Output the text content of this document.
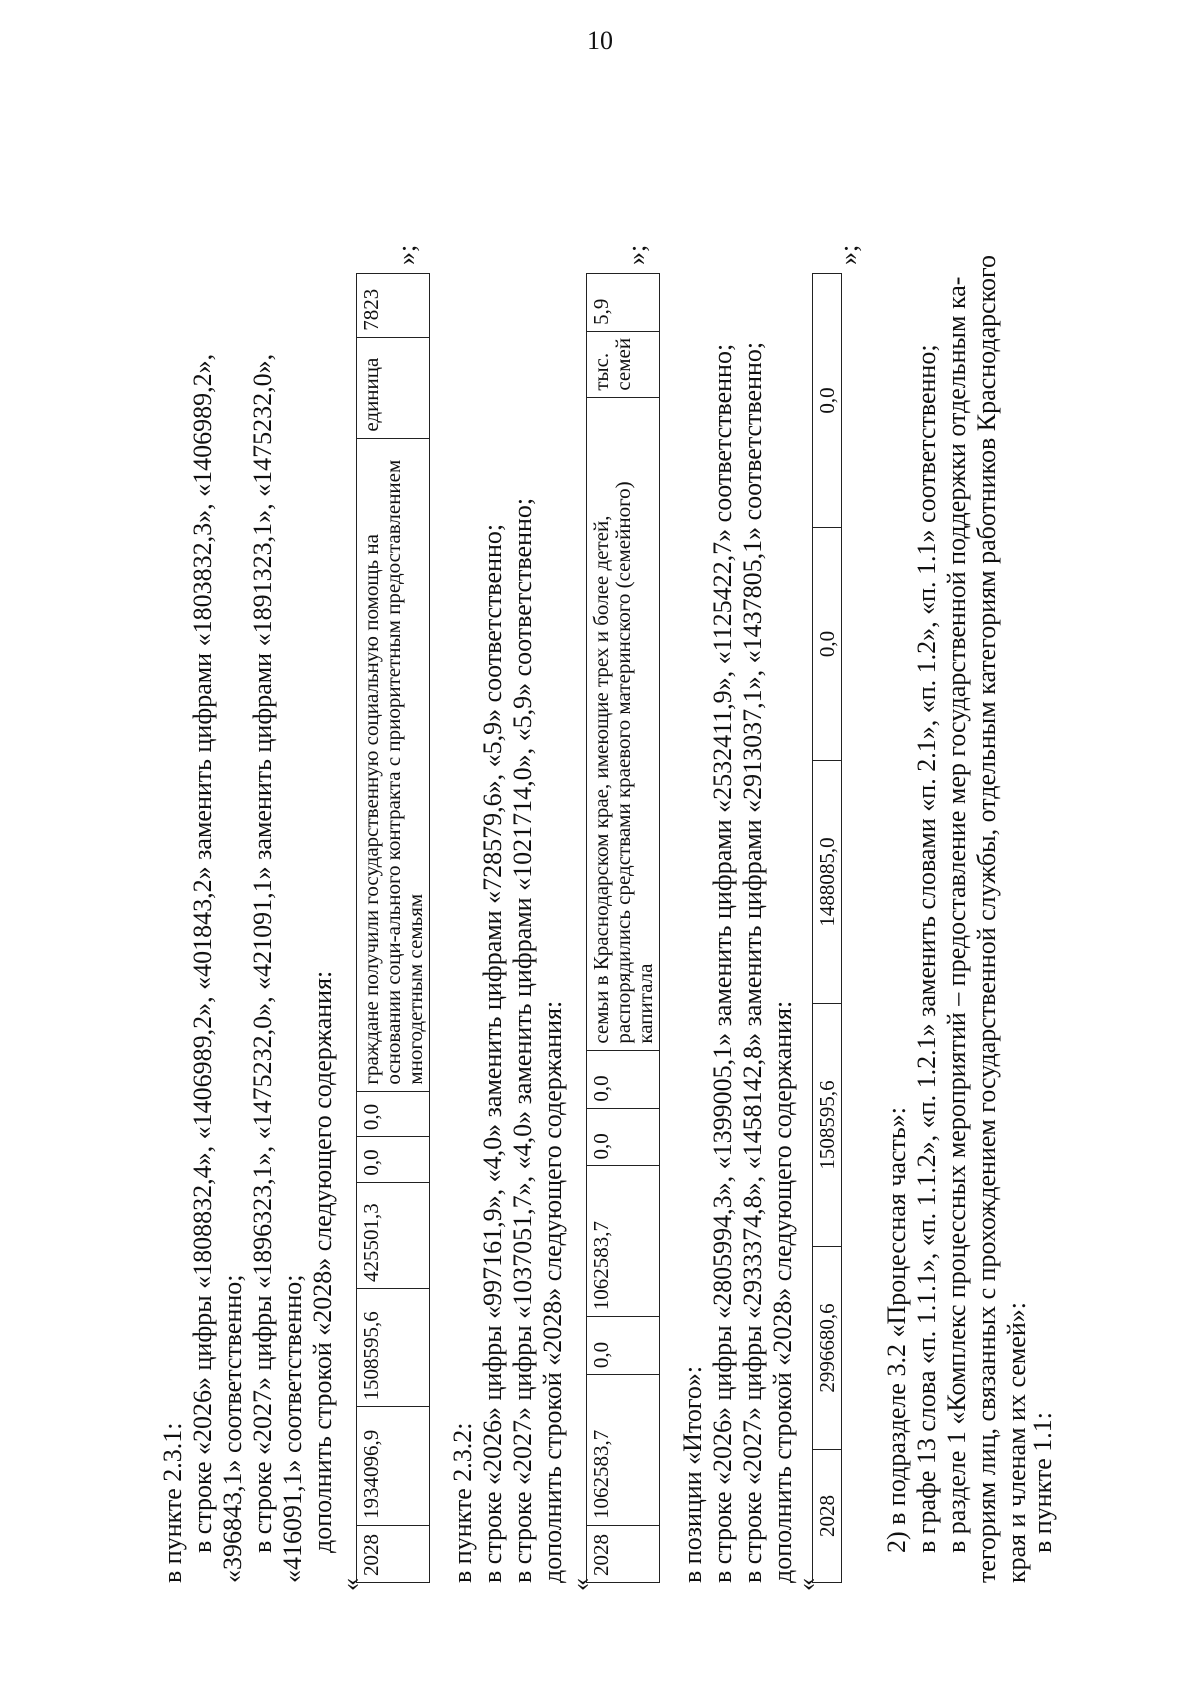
10
в пункте 2.3.1: в строке «2026» цифры «1808832,4», «1406989,2», «401843,2» заменить цифрами «1803832,3», «1406989,2», «396843,1» соответственно; в строке «2027» цифры «1896323,1», «1475232,0», «421091,1» заменить цифрами «1891323,1», «1475232,0», «416091,1» соответственно; дополнить строкой «2028» следующего содержания:
«
2028	1934096,9	1508595,6	425501,3	0,0	0,0	граждане получили государственную социальную помощь на основании соци-ального контракта с приоритетным предоставлением многодетным семьям	единица	7823
»;
в пункте 2.3.2: в строке «2026» цифры «997161,9», «4,0» заменить цифрами «728579,6», «5,9» соответственно; в строке «2027» цифры «1037051,7», «4,0» заменить цифрами «1021714,0», «5,9» соответственно; дополнить строкой «2028» следующего содержания:
«
2028	1062583,7	0,0	1062583,7	0,0	0,0	семьи в Краснодарском крае, имеющие трех и более детей, распорядились средствами краевого материнского (семейного) капитала	тыс. семей	5,9
»;
в позиции «Итого»: в строке «2026» цифры «2805994,3», «1399005,1» заменить цифрами «2532411,9», «1125422,7» соответственно; в строке «2027» цифры «2933374,8», «1458142,8» заменить цифрами «2913037,1», «1437805,1» соответственно; дополнить строкой «2028» следующего содержания:
«
2028	2996680,6	1508595,6	1488085,0	0,0	0,0
»;
2) в подразделе 3.2 «Процессная часть»: в графе 13 слова «п. 1.1.1», «п. 1.1.2», «п. 1.2.1» заменить словами «п. 2.1», «п. 1.2», «п. 1.1» соответственно; в разделе 1 «Комплекс процессных мероприятий – предоставление мер государственной поддержки отдельным ка- тегориям лиц, связанных с прохождением государственной службы, отдельным категориям работников Краснодарского края и членам их семей»:
в пункте 1.1:
